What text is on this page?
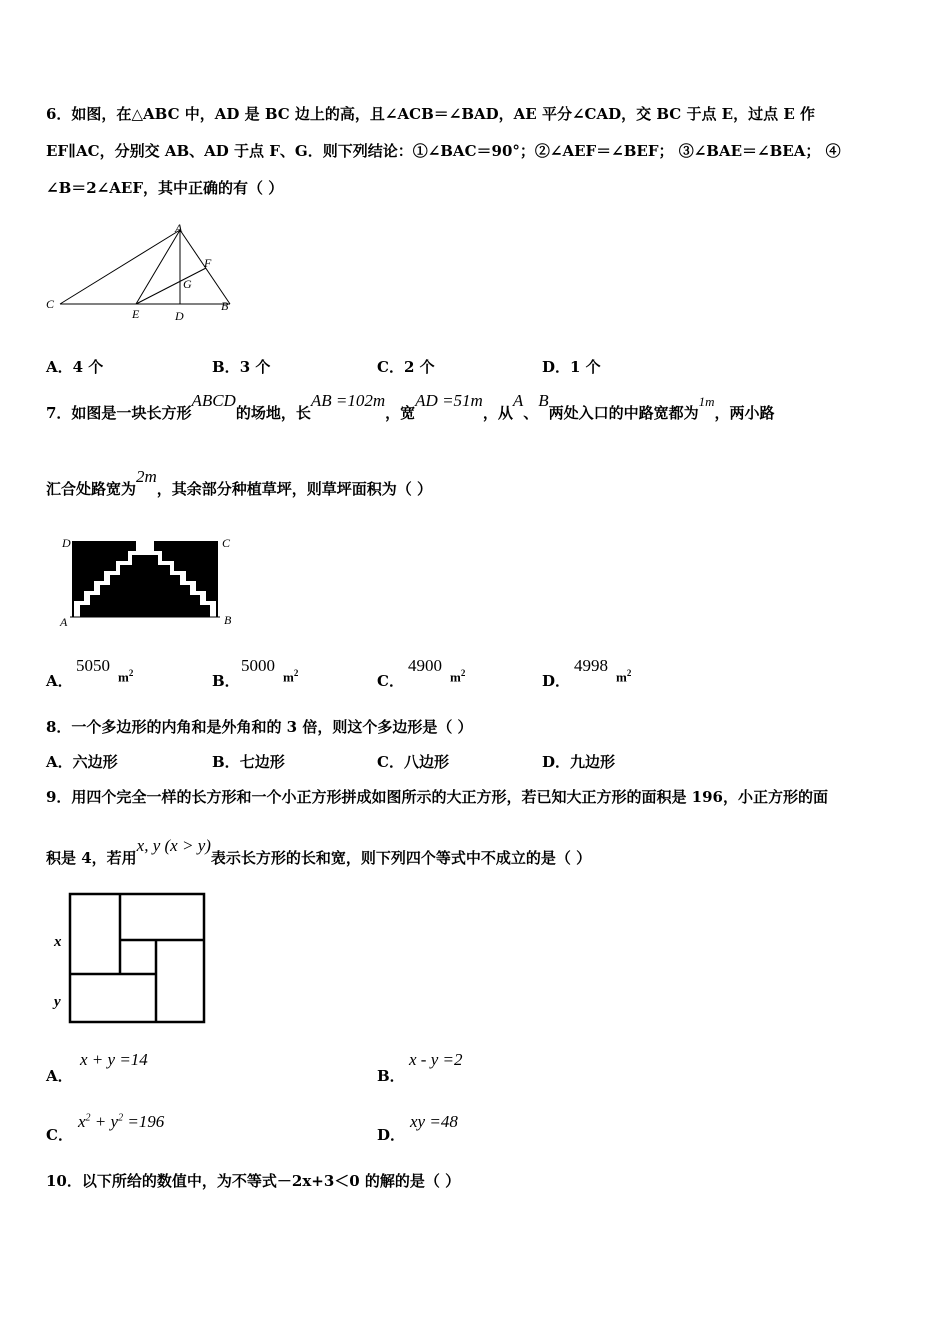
6．如图，在△ABC 中，AD 是 BC 边上的高，且∠ACB＝∠BAD，AE 平分∠CAD，交 BC 于点 E，过点 E 作
EF∥AC，分别交 AB、AD 于点 F、G．则下列结论：①∠BAC＝90°；②∠AEF＝∠BEF； ③∠BAE＝∠BEA； ④
∠B＝2∠AEF，其中正确的有（ ）
A
F
G
C
E	D
B
A．4 个	B．3 个	C．2 个	D．1 个
7．如图是一块长方形ABCD的场地，长AB =102m，宽AD =51m，从A、B两处入口的中路宽都为1m，两小路
汇合处路宽为2m，其余部分种植草坪，则草坪面积为（ ）
D	C
A	B
A．
5050
$m^2$	B．
5000
$m^2$	C．
4900
$m^2$	D．
4998
$m^2$
8．一个多边形的内角和是外角和的 3 倍，则这个多边形是（ ）
A．六边形	B．七边形	C．八边形	D．九边形
9．用四个完全一样的长方形和一个小正方形拼成如图所示的大正方形，若已知大正方形的面积是 196，小正方形的面
积是 4，若用x, y (x > y)表示长方形的长和宽，则下列四个等式中不成立的是（ ）
x
y
A．
x + y =14
B．
x - y =2
C．
$x^2 + y^2 =196$
D．
xy =48
10．以下所给的数值中，为不等式－2x+3＜0 的解的是（ ）
